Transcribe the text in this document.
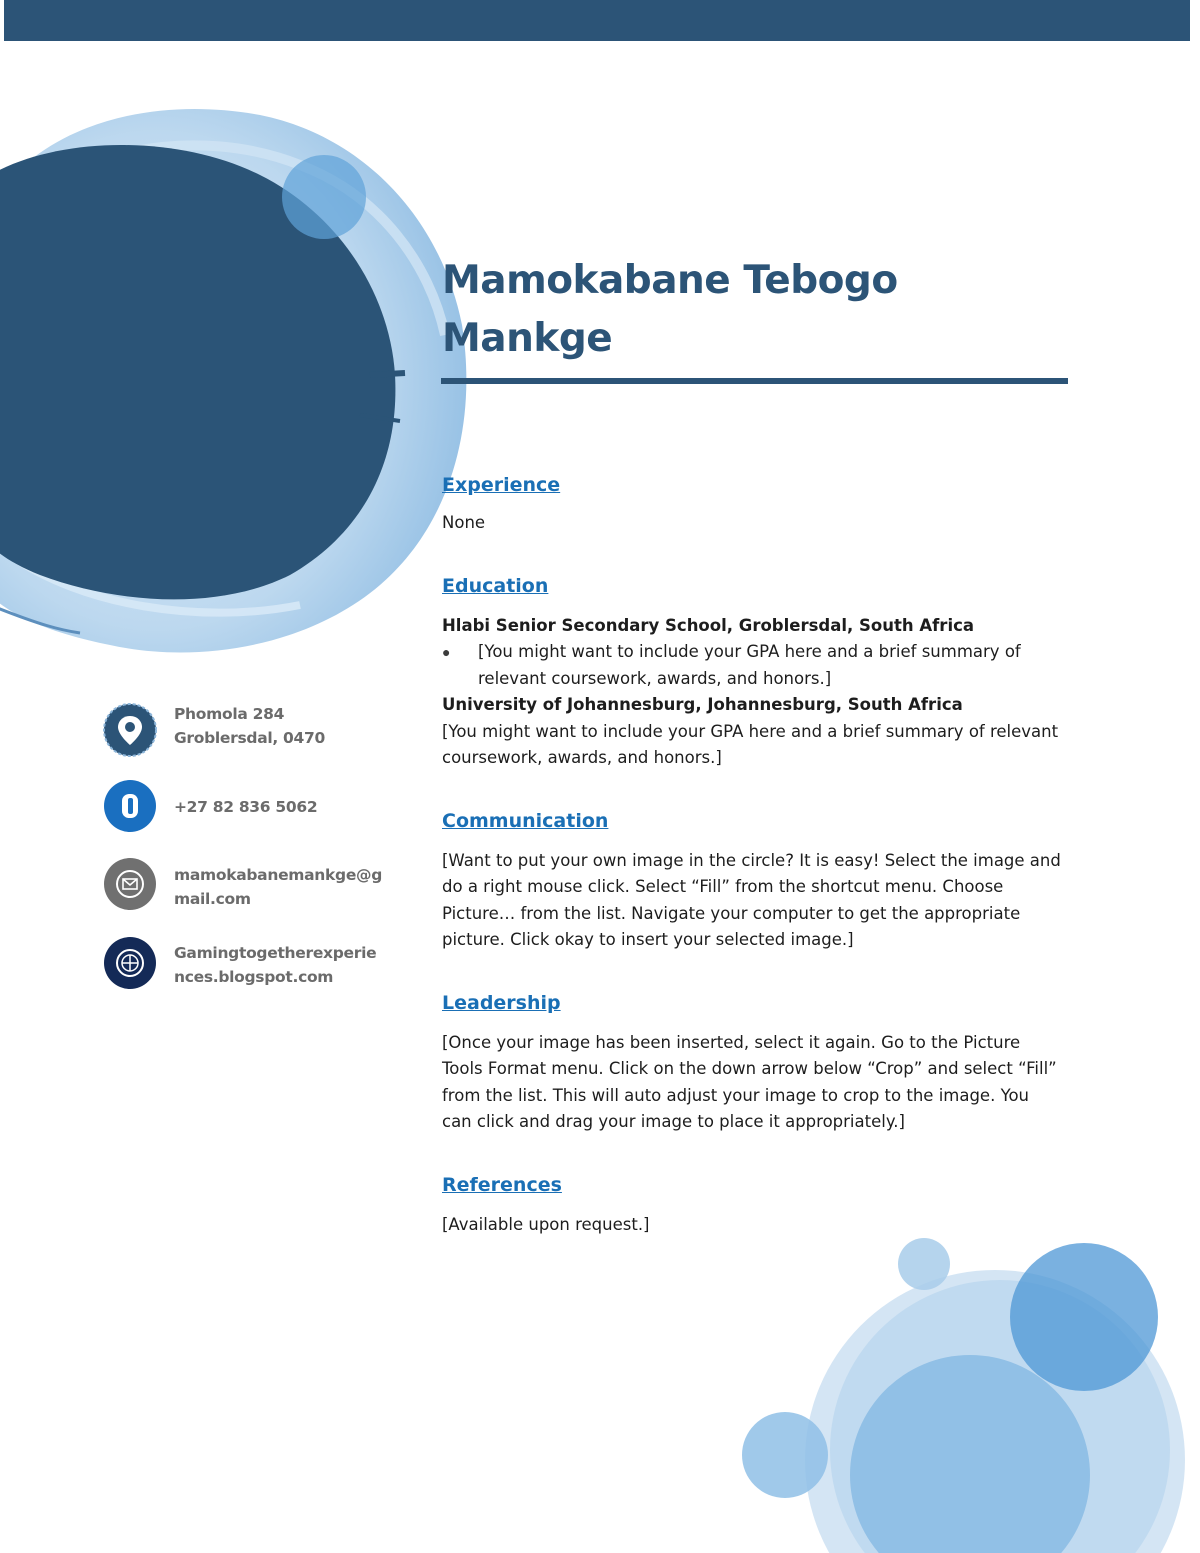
Mamokabane Tebogo
Mankge
Experience

None

Education

Hlabi Senior Secondary School, Groblersdal, South Africa

●	[You might want to include your GPA here and a brief summary of relevant coursework, awards, and honors.]

University of Johannesburg, Johannesburg, South Africa

[You might want to include your GPA here and a brief summary of relevant coursework, awards, and honors.]

Communication

[Want to put your own image in the circle? It is easy! Select the image and do a right mouse click. Select “Fill” from the shortcut menu. Choose Picture… from the list. Navigate your computer to get the appropriate picture. Click okay to insert your selected image.]

Leadership

[Once your image has been inserted, select it again. Go to the Picture Tools Format menu. Click on the down arrow below “Crop” and select “Fill” from the list. This will auto adjust your image to crop to the image. You can click and drag your image to place it appropriately.]

References

[Available upon request.]

Phomola 284
Groblersdal, 0470
+27 82 836 5062
mamokabanemankge@gmail.com
Gamingtogetherexperiences.blogspot.com
